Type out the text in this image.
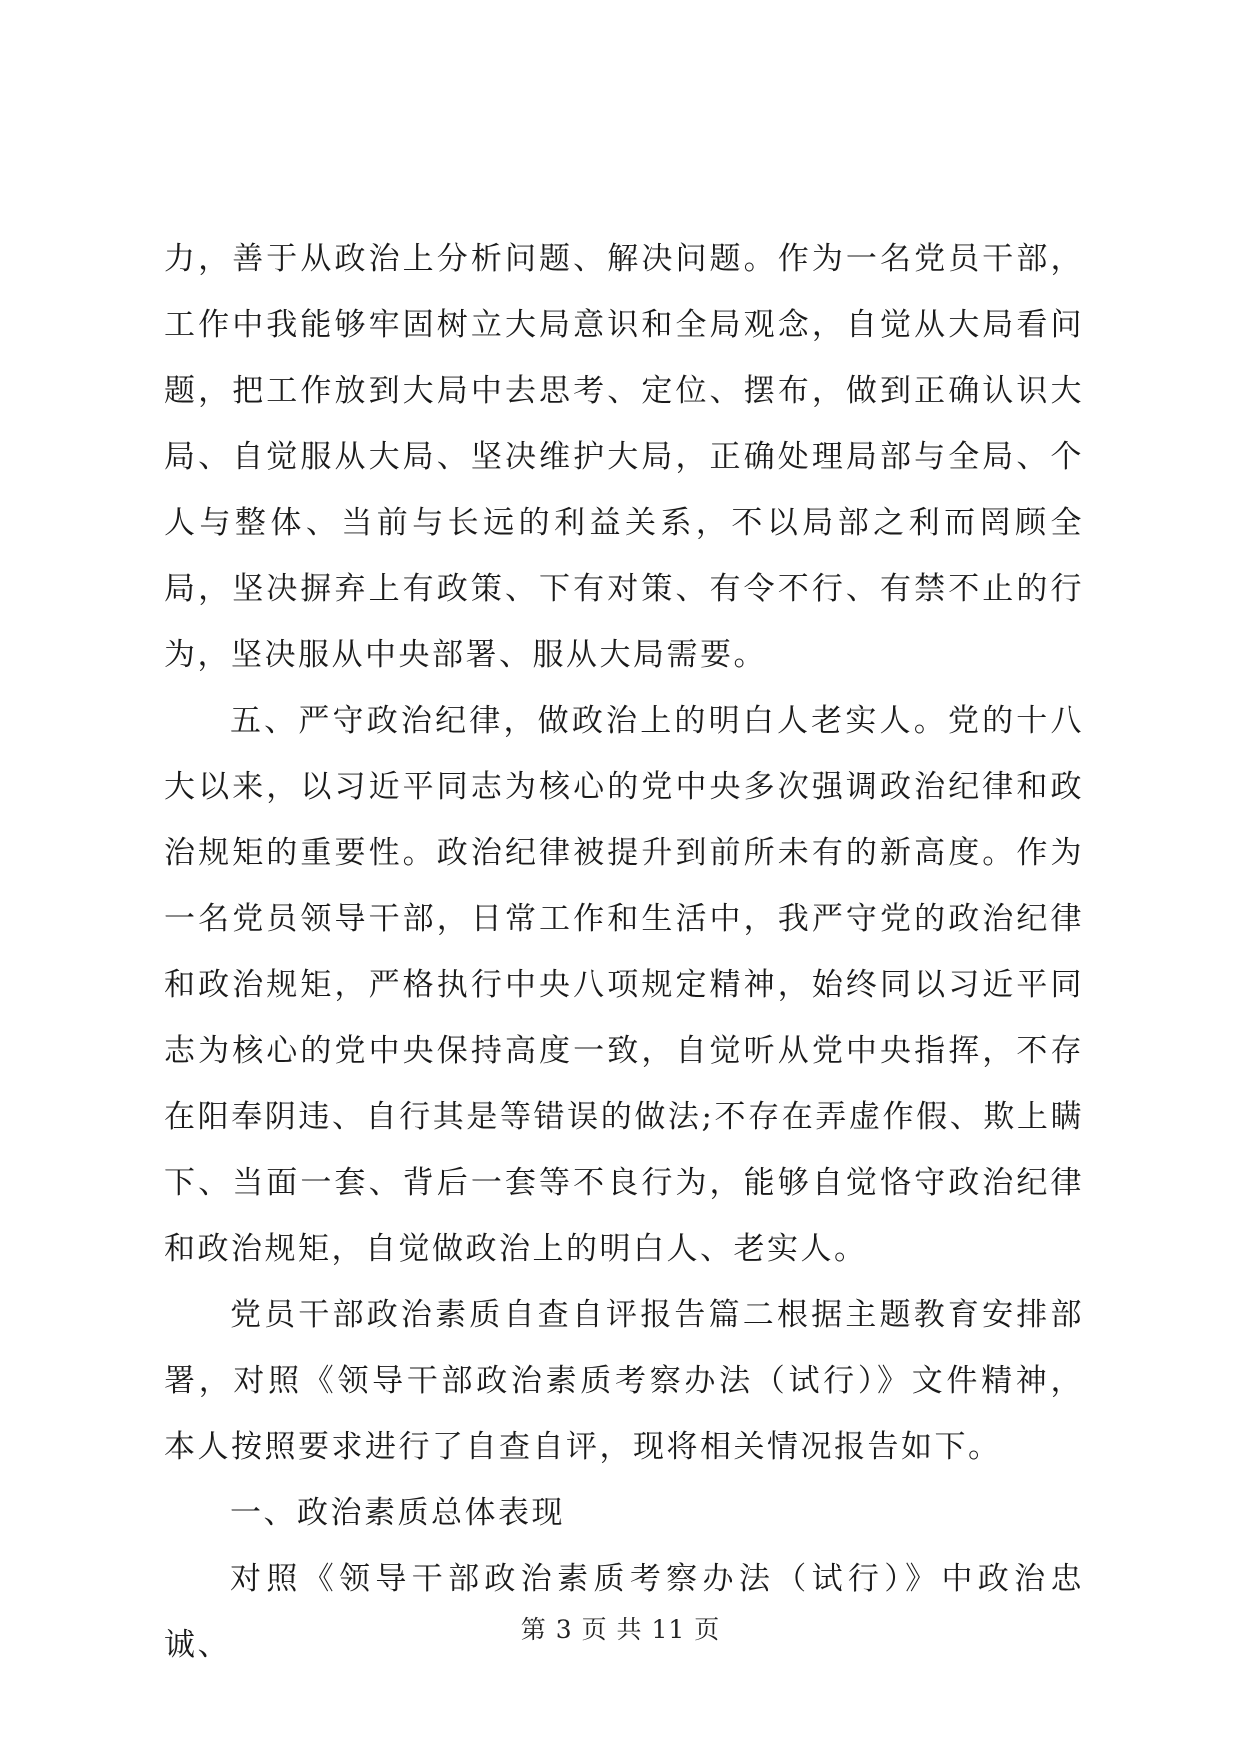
力，善于从政治上分析问题、解决问题。作为一名党员干部，工作中我能够牢固树立大局意识和全局观念，自觉从大局看问题，把工作放到大局中去思考、定位、摆布，做到正确认识大局、自觉服从大局、坚决维护大局，正确处理局部与全局、个人与整体、当前与长远的利益关系，不以局部之利而罔顾全局，坚决摒弃上有政策、下有对策、有令不行、有禁不止的行为，坚决服从中央部署、服从大局需要。

五、严守政治纪律，做政治上的明白人老实人。党的十八大以来，以习近平同志为核心的党中央多次强调政治纪律和政治规矩的重要性。政治纪律被提升到前所未有的新高度。作为一名党员领导干部，日常工作和生活中，我严守党的政治纪律和政治规矩，严格执行中央八项规定精神，始终同以习近平同志为核心的党中央保持高度一致，自觉听从党中央指挥，不存在阳奉阴违、自行其是等错误的做法;不存在弄虚作假、欺上瞒下、当面一套、背后一套等不良行为，能够自觉恪守政治纪律和政治规矩，自觉做政治上的明白人、老实人。

党员干部政治素质自查自评报告篇二根据主题教育安排部署，对照《领导干部政治素质考察办法（试行）》文件精神，本人按照要求进行了自查自评，现将相关情况报告如下。

一、政治素质总体表现

对照《领导干部政治素质考察办法（试行）》中政治忠诚、	第 3 页 共 11 页
